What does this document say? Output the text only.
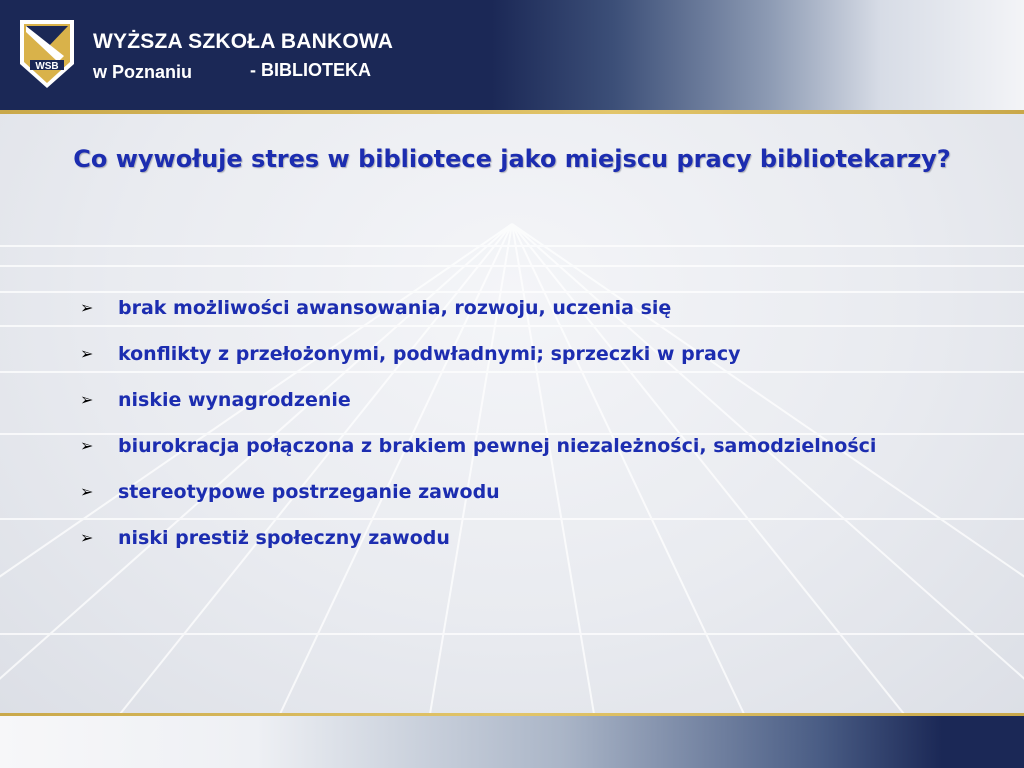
WSB
WYŻSZA SZKOŁA BANKOWA
w Poznaniu	- BIBLIOTEKA
Co wywołuje stres w bibliotece jako miejscu pracy bibliotekarzy?
➢ brak możliwości awansowania, rozwoju, uczenia się
➢ konflikty z przełożonymi, podwładnymi; sprzeczki w pracy
➢ niskie wynagrodzenie
➢ biurokracja połączona z brakiem pewnej niezależności, samodzielności
➢ stereotypowe postrzeganie zawodu
➢ niski prestiż społeczny zawodu
